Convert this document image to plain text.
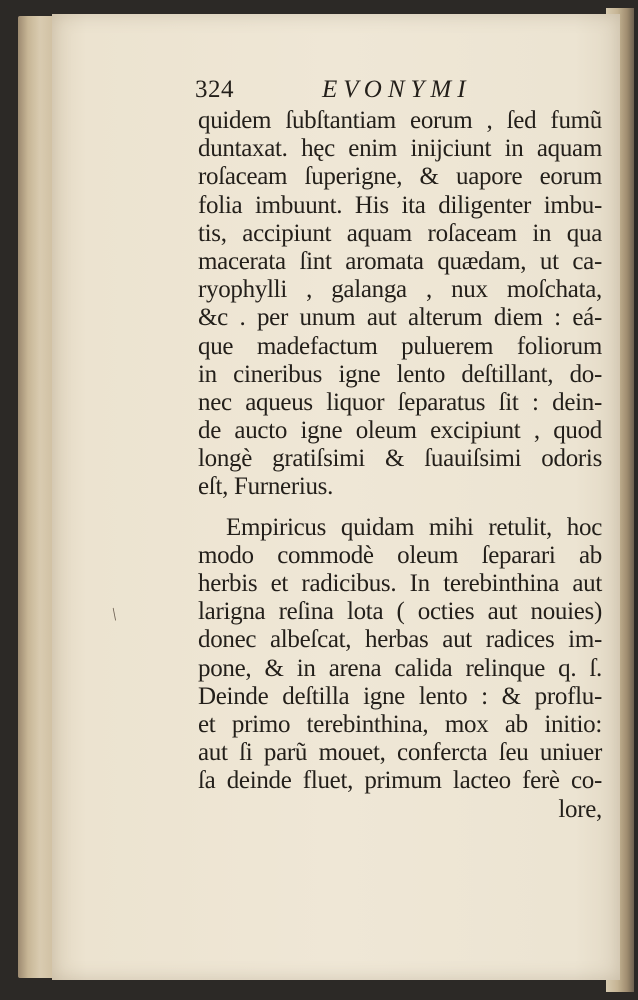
/
324	EVONYMI
quidem ſubſtantiam eorum , ſed fumũ
duntaxat. hęc enim inijciunt in aquam
roſaceam ſuperigne, & uapore eorum
folia imbuunt. His ita diligenter imbu-
tis, accipiunt aquam roſaceam in qua
macerata ſint aromata quædam, ut ca-
ryophylli , galanga , nux moſchata,
&c . per unum aut alterum diem : eá-
que madefactum puluerem foliorum
in cineribus igne lento deſtillant, do-
nec aqueus liquor ſeparatus ſit : dein-
de aucto igne oleum excipiunt , quod
longè gratiſsimi & ſuauiſsimi odoris
eſt, Furnerius.
Empiricus quidam mihi retulit, hoc
modo commodè oleum ſeparari ab
herbis et radicibus. In terebinthina aut
larigna reſina lota ( octies aut nouies)
donec albeſcat, herbas aut radices im-
pone, & in arena calida relinque q. ſ.
Deinde deſtilla igne lento : & proflu-
et primo terebinthina, mox ab initio:
aut ſi parũ mouet, confercta ſeu uniuer
ſa deinde fluet, primum lacteo ferè co-
lore,
